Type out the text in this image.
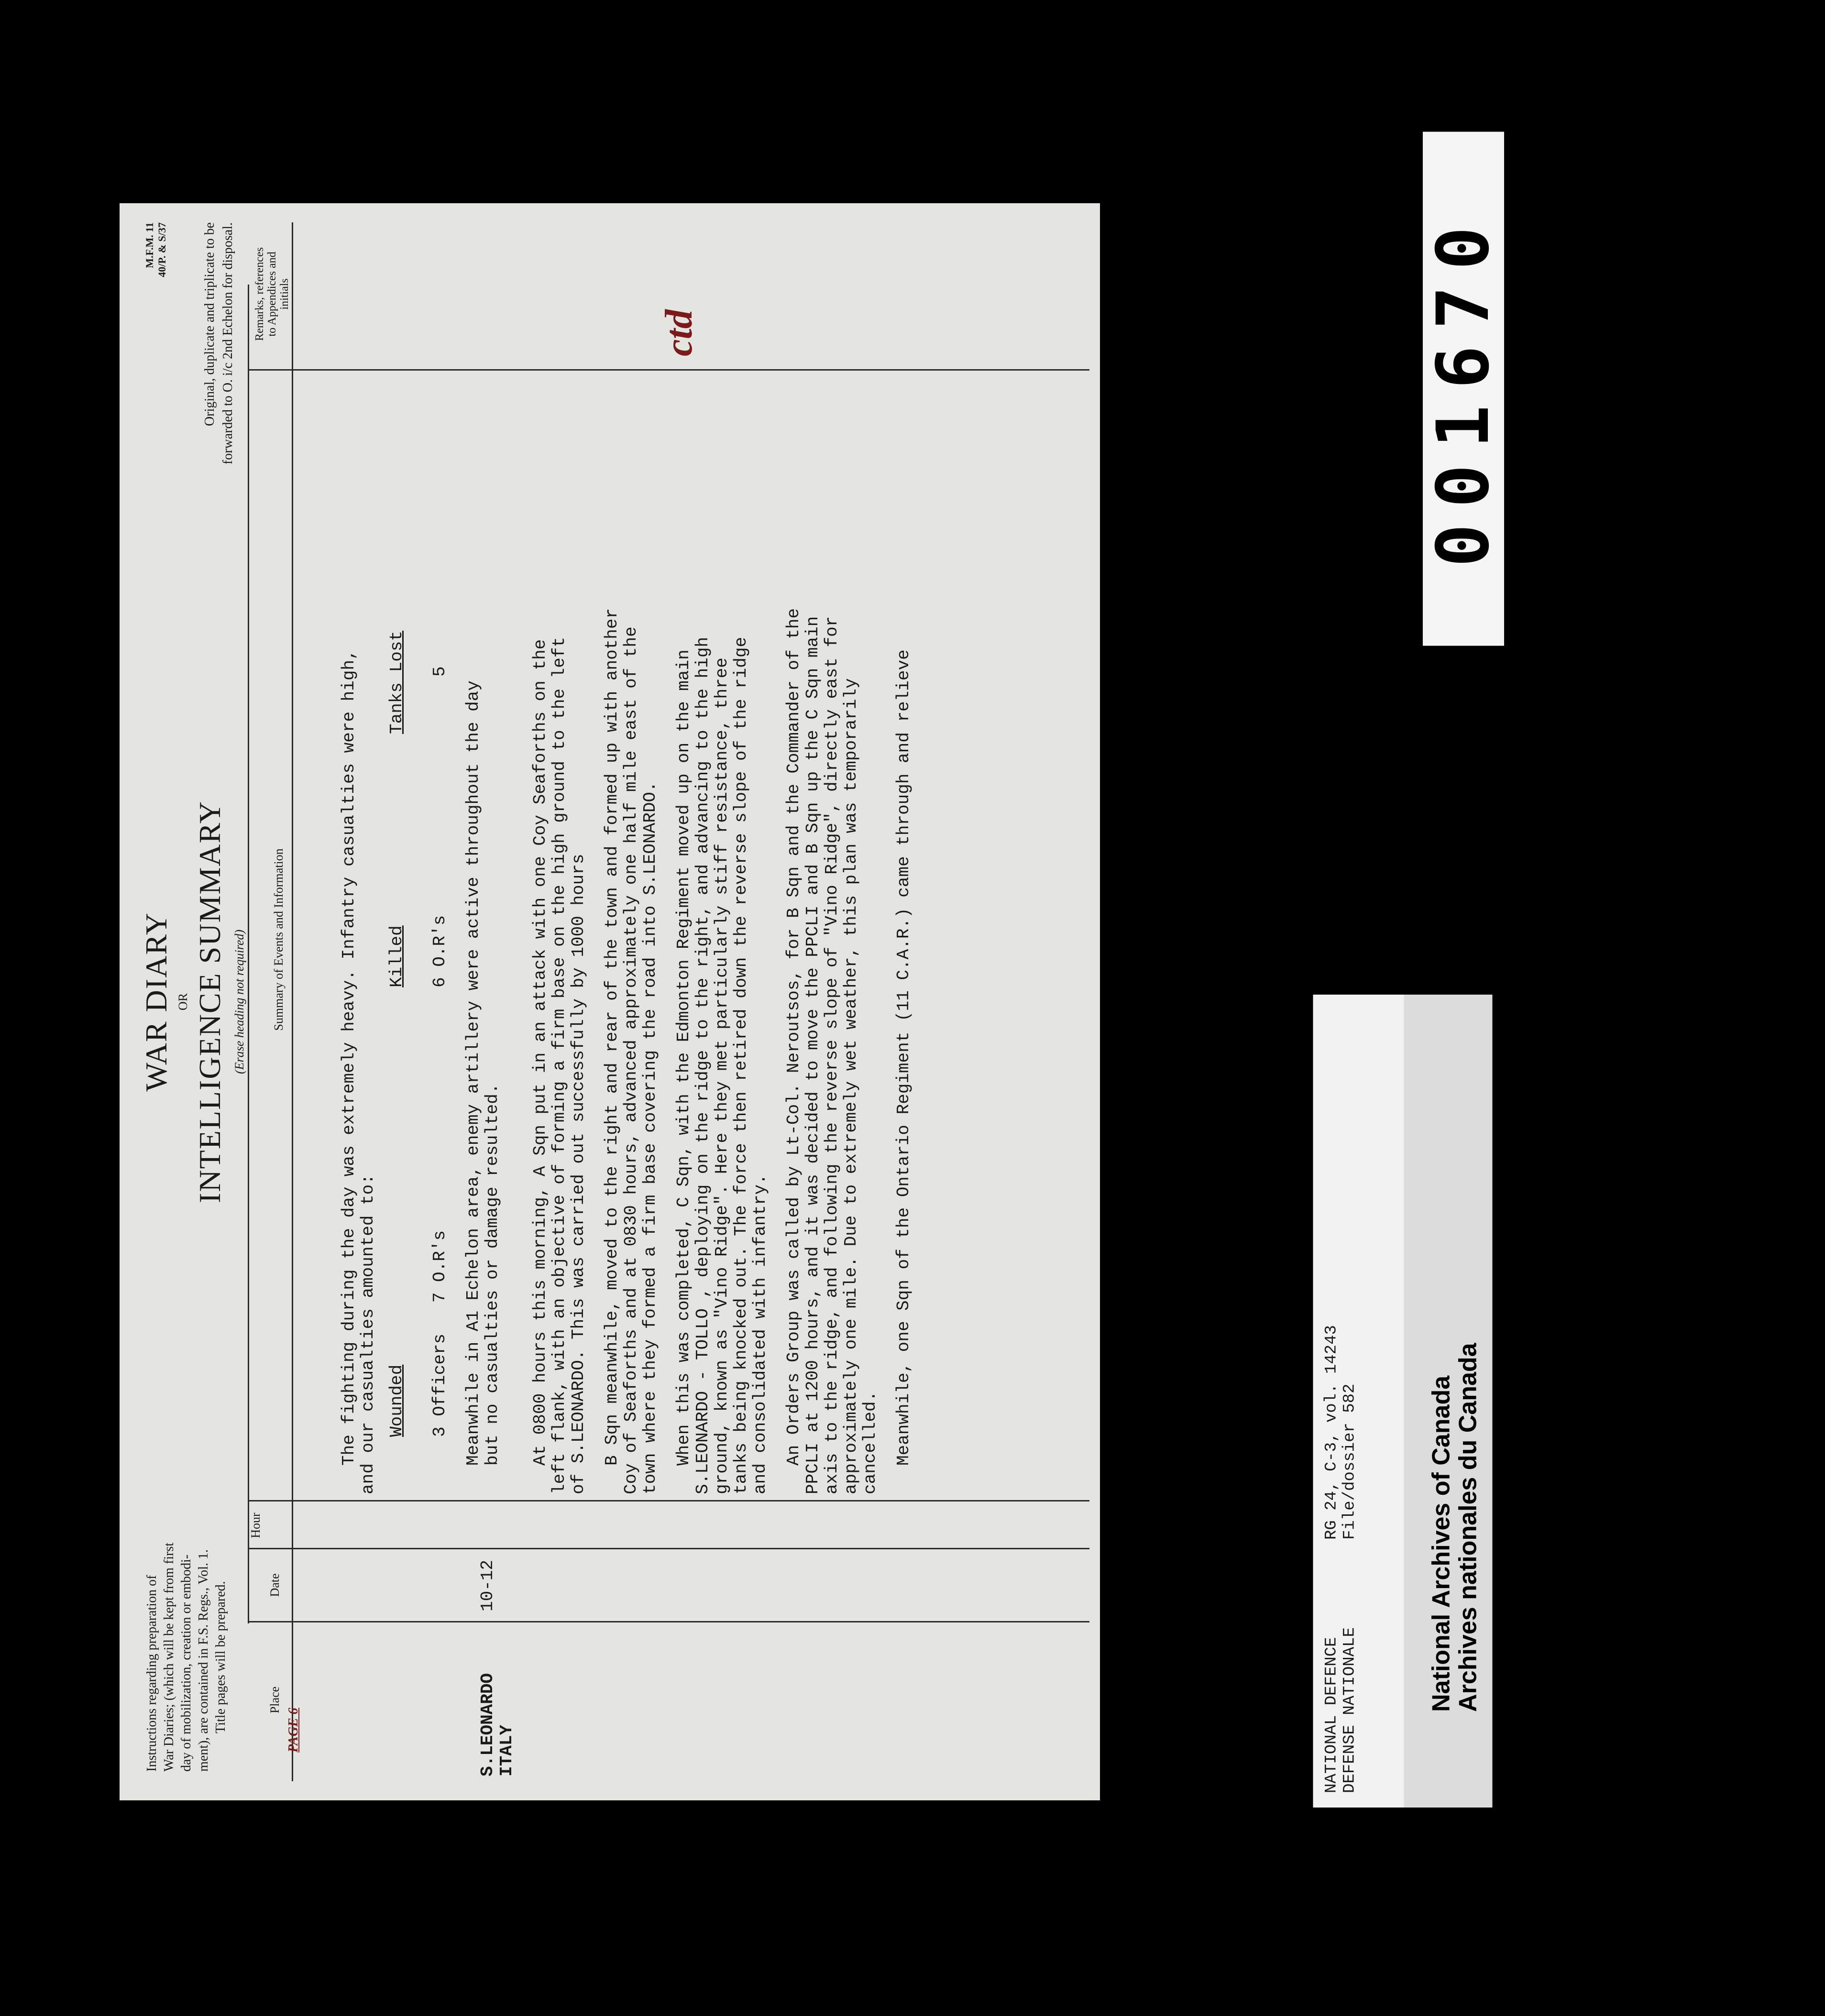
Instructions regarding preparation of War Diaries; (which will be kept from first day of mobilization, creation or embodi- ment), are contained in F.S. Regs., Vol. 1. Title pages will be prepared.
WAR DIARY OR INTELLIGENCE SUMMARY (Erase heading not required)
M.F.M. 11 40/P. & S/37	Original, duplicate and triplicate to be forwarded to O. i/c 2nd Echelon for disposal.
Place
PAGE 6
Date
Hour
Summary of Events and Information
Remarks, references to Appendices and initials
S.LEONARDO ITALY
10-12
ctd
The fighting during the day was extremely heavy. Infantry casualties were high, and our casualties amounted to: Wounded
Killed
Tanks Lost
3 Officers   7 O.R's
6 O.R's
5
Meanwhile in A1 Echelon area, enemy artillery were active throughout the day but no casualties or damage resulted. At 0800 hours this morning, A Sqn put in an attack with one Coy Seaforths on the left flank, with an objective of forming a firm base on the high ground to the left of S.LEONARDO. This was carried out successfully by 1000 hours B Sqn meanwhile, moved to the right and rear of the town and formed up with another Coy of Seaforths and at 0830 hours, advanced approximately one half mile east of the town where they formed a firm base covering the road into S.LEONARDO. When this was completed, C Sqn, with the Edmonton Regiment moved up on the main S.LEONARDO - TOLLO , deploying on the ridge to the right, and advancing to the high ground, known as "Vino Ridge". Here they met particularly stiff resistance, three tanks being knocked out. The force then retired down the reverse slope of the ridge and consolidated with infantry. An Orders Group was called by Lt-Col. Neroutsos, for B Sqn and the Commander of the PPCLI at 1200 hours, and it was decided to move the PPCLI and B Sqn up the C Sqn main axis to the ridge, and following the reverse slope of "Vino Ridge", directly east for approximately one mile. Due to extremely wet weather, this plan was temporarily cancelled. Meanwhile, one Sqn of the Ontario Regiment (11 C.A.R.) came through and relieve
NATIONAL DEFENCE DEFENSE NATIONALE
RG 24, C-3, vol. 14243 File/dossier 582	National Archives of Canada
Archives nationales du Canada
001670
